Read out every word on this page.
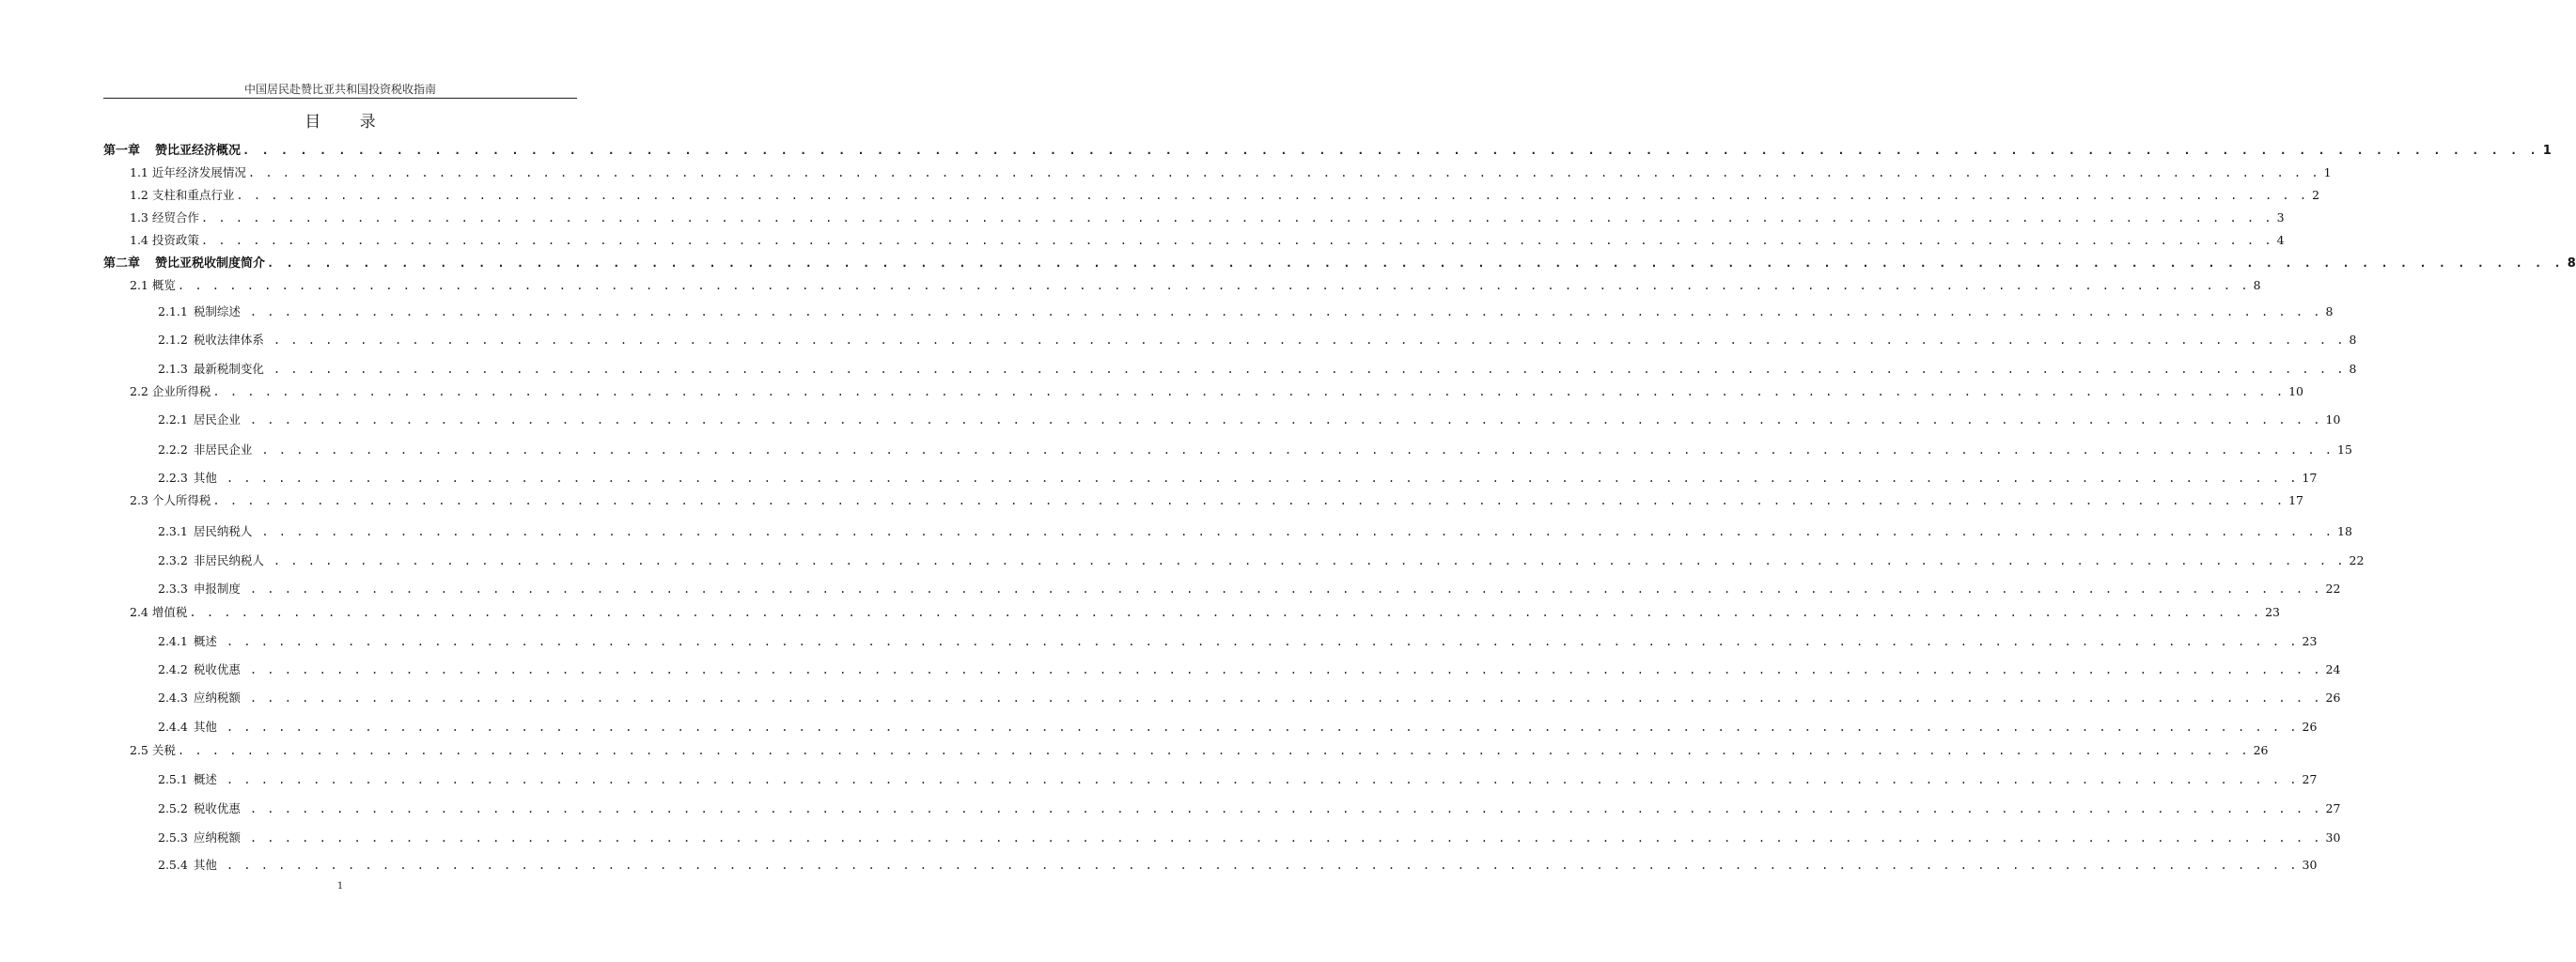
中国居民赴赞比亚共和国投资税收指南
目 录
第一章 赞比亚经济概况 . . . . . . . . . . . . . . . . . . . . . . . . . . . . . . . . . . . . . . . . . . . . . . . . . . . . . . . . . . . . . . . . . . . . . . . . . . . . . . . . . . . . . . . . . . . . . . . . . . . . . . . . . . . . . . . . . . . . . . . . 1
1.1 近年经济发展情况 . . . . . . . . . . . . . . . . . . . . . . . . . . . . . . . . . . . . . . . . . . . . . . . . . . . . . . . . . . . . . . . . . . . . . . . . . . . . . . . . . . . . . . . . . . . . . . . . . . . . . . . . . . . . . . . . . . . . . . . . 1
1.2 支柱和重点行业 . . . . . . . . . . . . . . . . . . . . . . . . . . . . . . . . . . . . . . . . . . . . . . . . . . . . . . . . . . . . . . . . . . . . . . . . . . . . . . . . . . . . . . . . . . . . . . . . . . . . . . . . . . . . . . . . . . . . . . . . 2
1.3 经贸合作 . . . . . . . . . . . . . . . . . . . . . . . . . . . . . . . . . . . . . . . . . . . . . . . . . . . . . . . . . . . . . . . . . . . . . . . . . . . . . . . . . . . . . . . . . . . . . . . . . . . . . . . . . . . . . . . . . . . . . . . . 3
1.4 投资政策 . . . . . . . . . . . . . . . . . . . . . . . . . . . . . . . . . . . . . . . . . . . . . . . . . . . . . . . . . . . . . . . . . . . . . . . . . . . . . . . . . . . . . . . . . . . . . . . . . . . . . . . . . . . . . . . . . . . . . . . . 4
第二章 赞比亚税收制度简介 . . . . . . . . . . . . . . . . . . . . . . . . . . . . . . . . . . . . . . . . . . . . . . . . . . . . . . . . . . . . . . . . . . . . . . . . . . . . . . . . . . . . . . . . . . . . . . . . . . . . . . . . . . . . . . . . . . . . . . . . 8
2.1 概览 . . . . . . . . . . . . . . . . . . . . . . . . . . . . . . . . . . . . . . . . . . . . . . . . . . . . . . . . . . . . . . . . . . . . . . . . . . . . . . . . . . . . . . . . . . . . . . . . . . . . . . . . . . . . . . . . . . . . . . . . 8
2.1.1 税制综述 . . . . . . . . . . . . . . . . . . . . . . . . . . . . . . . . . . . . . . . . . . . . . . . . . . . . . . . . . . . . . . . . . . . . . . . . . . . . . . . . . . . . . . . . . . . . . . . . . . . . . . . . . . . . . . . . . . . . . . . . 8
2.1.2 税收法律体系 . . . . . . . . . . . . . . . . . . . . . . . . . . . . . . . . . . . . . . . . . . . . . . . . . . . . . . . . . . . . . . . . . . . . . . . . . . . . . . . . . . . . . . . . . . . . . . . . . . . . . . . . . . . . . . . . . . . . . . . . 8
2.1.3 最新税制变化 . . . . . . . . . . . . . . . . . . . . . . . . . . . . . . . . . . . . . . . . . . . . . . . . . . . . . . . . . . . . . . . . . . . . . . . . . . . . . . . . . . . . . . . . . . . . . . . . . . . . . . . . . . . . . . . . . . . . . . . . 8
2.2 企业所得税 . . . . . . . . . . . . . . . . . . . . . . . . . . . . . . . . . . . . . . . . . . . . . . . . . . . . . . . . . . . . . . . . . . . . . . . . . . . . . . . . . . . . . . . . . . . . . . . . . . . . . . . . . . . . . . . . . . . . . . . . 10
2.2.1 居民企业 . . . . . . . . . . . . . . . . . . . . . . . . . . . . . . . . . . . . . . . . . . . . . . . . . . . . . . . . . . . . . . . . . . . . . . . . . . . . . . . . . . . . . . . . . . . . . . . . . . . . . . . . . . . . . . . . . . . . . . . . 10
2.2.2 非居民企业 . . . . . . . . . . . . . . . . . . . . . . . . . . . . . . . . . . . . . . . . . . . . . . . . . . . . . . . . . . . . . . . . . . . . . . . . . . . . . . . . . . . . . . . . . . . . . . . . . . . . . . . . . . . . . . . . . . . . . . . . 15
2.2.3 其他 . . . . . . . . . . . . . . . . . . . . . . . . . . . . . . . . . . . . . . . . . . . . . . . . . . . . . . . . . . . . . . . . . . . . . . . . . . . . . . . . . . . . . . . . . . . . . . . . . . . . . . . . . . . . . . . . . . . . . . . . 17
2.3 个人所得税 . . . . . . . . . . . . . . . . . . . . . . . . . . . . . . . . . . . . . . . . . . . . . . . . . . . . . . . . . . . . . . . . . . . . . . . . . . . . . . . . . . . . . . . . . . . . . . . . . . . . . . . . . . . . . . . . . . . . . . . . 17
2.3.1 居民纳税人 . . . . . . . . . . . . . . . . . . . . . . . . . . . . . . . . . . . . . . . . . . . . . . . . . . . . . . . . . . . . . . . . . . . . . . . . . . . . . . . . . . . . . . . . . . . . . . . . . . . . . . . . . . . . . . . . . . . . . . . . 18
2.3.2 非居民纳税人 . . . . . . . . . . . . . . . . . . . . . . . . . . . . . . . . . . . . . . . . . . . . . . . . . . . . . . . . . . . . . . . . . . . . . . . . . . . . . . . . . . . . . . . . . . . . . . . . . . . . . . . . . . . . . . . . . . . . . . . . 22
2.3.3 申报制度 . . . . . . . . . . . . . . . . . . . . . . . . . . . . . . . . . . . . . . . . . . . . . . . . . . . . . . . . . . . . . . . . . . . . . . . . . . . . . . . . . . . . . . . . . . . . . . . . . . . . . . . . . . . . . . . . . . . . . . . . 22
2.4 增值税 . . . . . . . . . . . . . . . . . . . . . . . . . . . . . . . . . . . . . . . . . . . . . . . . . . . . . . . . . . . . . . . . . . . . . . . . . . . . . . . . . . . . . . . . . . . . . . . . . . . . . . . . . . . . . . . . . . . . . . . . 23
2.4.1 概述 . . . . . . . . . . . . . . . . . . . . . . . . . . . . . . . . . . . . . . . . . . . . . . . . . . . . . . . . . . . . . . . . . . . . . . . . . . . . . . . . . . . . . . . . . . . . . . . . . . . . . . . . . . . . . . . . . . . . . . . . 23
2.4.2 税收优惠 . . . . . . . . . . . . . . . . . . . . . . . . . . . . . . . . . . . . . . . . . . . . . . . . . . . . . . . . . . . . . . . . . . . . . . . . . . . . . . . . . . . . . . . . . . . . . . . . . . . . . . . . . . . . . . . . . . . . . . . . 24
2.4.3 应纳税额 . . . . . . . . . . . . . . . . . . . . . . . . . . . . . . . . . . . . . . . . . . . . . . . . . . . . . . . . . . . . . . . . . . . . . . . . . . . . . . . . . . . . . . . . . . . . . . . . . . . . . . . . . . . . . . . . . . . . . . . . 26
2.4.4 其他 . . . . . . . . . . . . . . . . . . . . . . . . . . . . . . . . . . . . . . . . . . . . . . . . . . . . . . . . . . . . . . . . . . . . . . . . . . . . . . . . . . . . . . . . . . . . . . . . . . . . . . . . . . . . . . . . . . . . . . . . 26
2.5 关税 . . . . . . . . . . . . . . . . . . . . . . . . . . . . . . . . . . . . . . . . . . . . . . . . . . . . . . . . . . . . . . . . . . . . . . . . . . . . . . . . . . . . . . . . . . . . . . . . . . . . . . . . . . . . . . . . . . . . . . . . 26
2.5.1 概述 . . . . . . . . . . . . . . . . . . . . . . . . . . . . . . . . . . . . . . . . . . . . . . . . . . . . . . . . . . . . . . . . . . . . . . . . . . . . . . . . . . . . . . . . . . . . . . . . . . . . . . . . . . . . . . . . . . . . . . . . 27
2.5.2 税收优惠 . . . . . . . . . . . . . . . . . . . . . . . . . . . . . . . . . . . . . . . . . . . . . . . . . . . . . . . . . . . . . . . . . . . . . . . . . . . . . . . . . . . . . . . . . . . . . . . . . . . . . . . . . . . . . . . . . . . . . . . . 27
2.5.3 应纳税额 . . . . . . . . . . . . . . . . . . . . . . . . . . . . . . . . . . . . . . . . . . . . . . . . . . . . . . . . . . . . . . . . . . . . . . . . . . . . . . . . . . . . . . . . . . . . . . . . . . . . . . . . . . . . . . . . . . . . . . . . 30
2.5.4 其他 . . . . . . . . . . . . . . . . . . . . . . . . . . . . . . . . . . . . . . . . . . . . . . . . . . . . . . . . . . . . . . . . . . . . . . . . . . . . . . . . . . . . . . . . . . . . . . . . . . . . . . . . . . . . . . . . . . . . . . . . 30
1
